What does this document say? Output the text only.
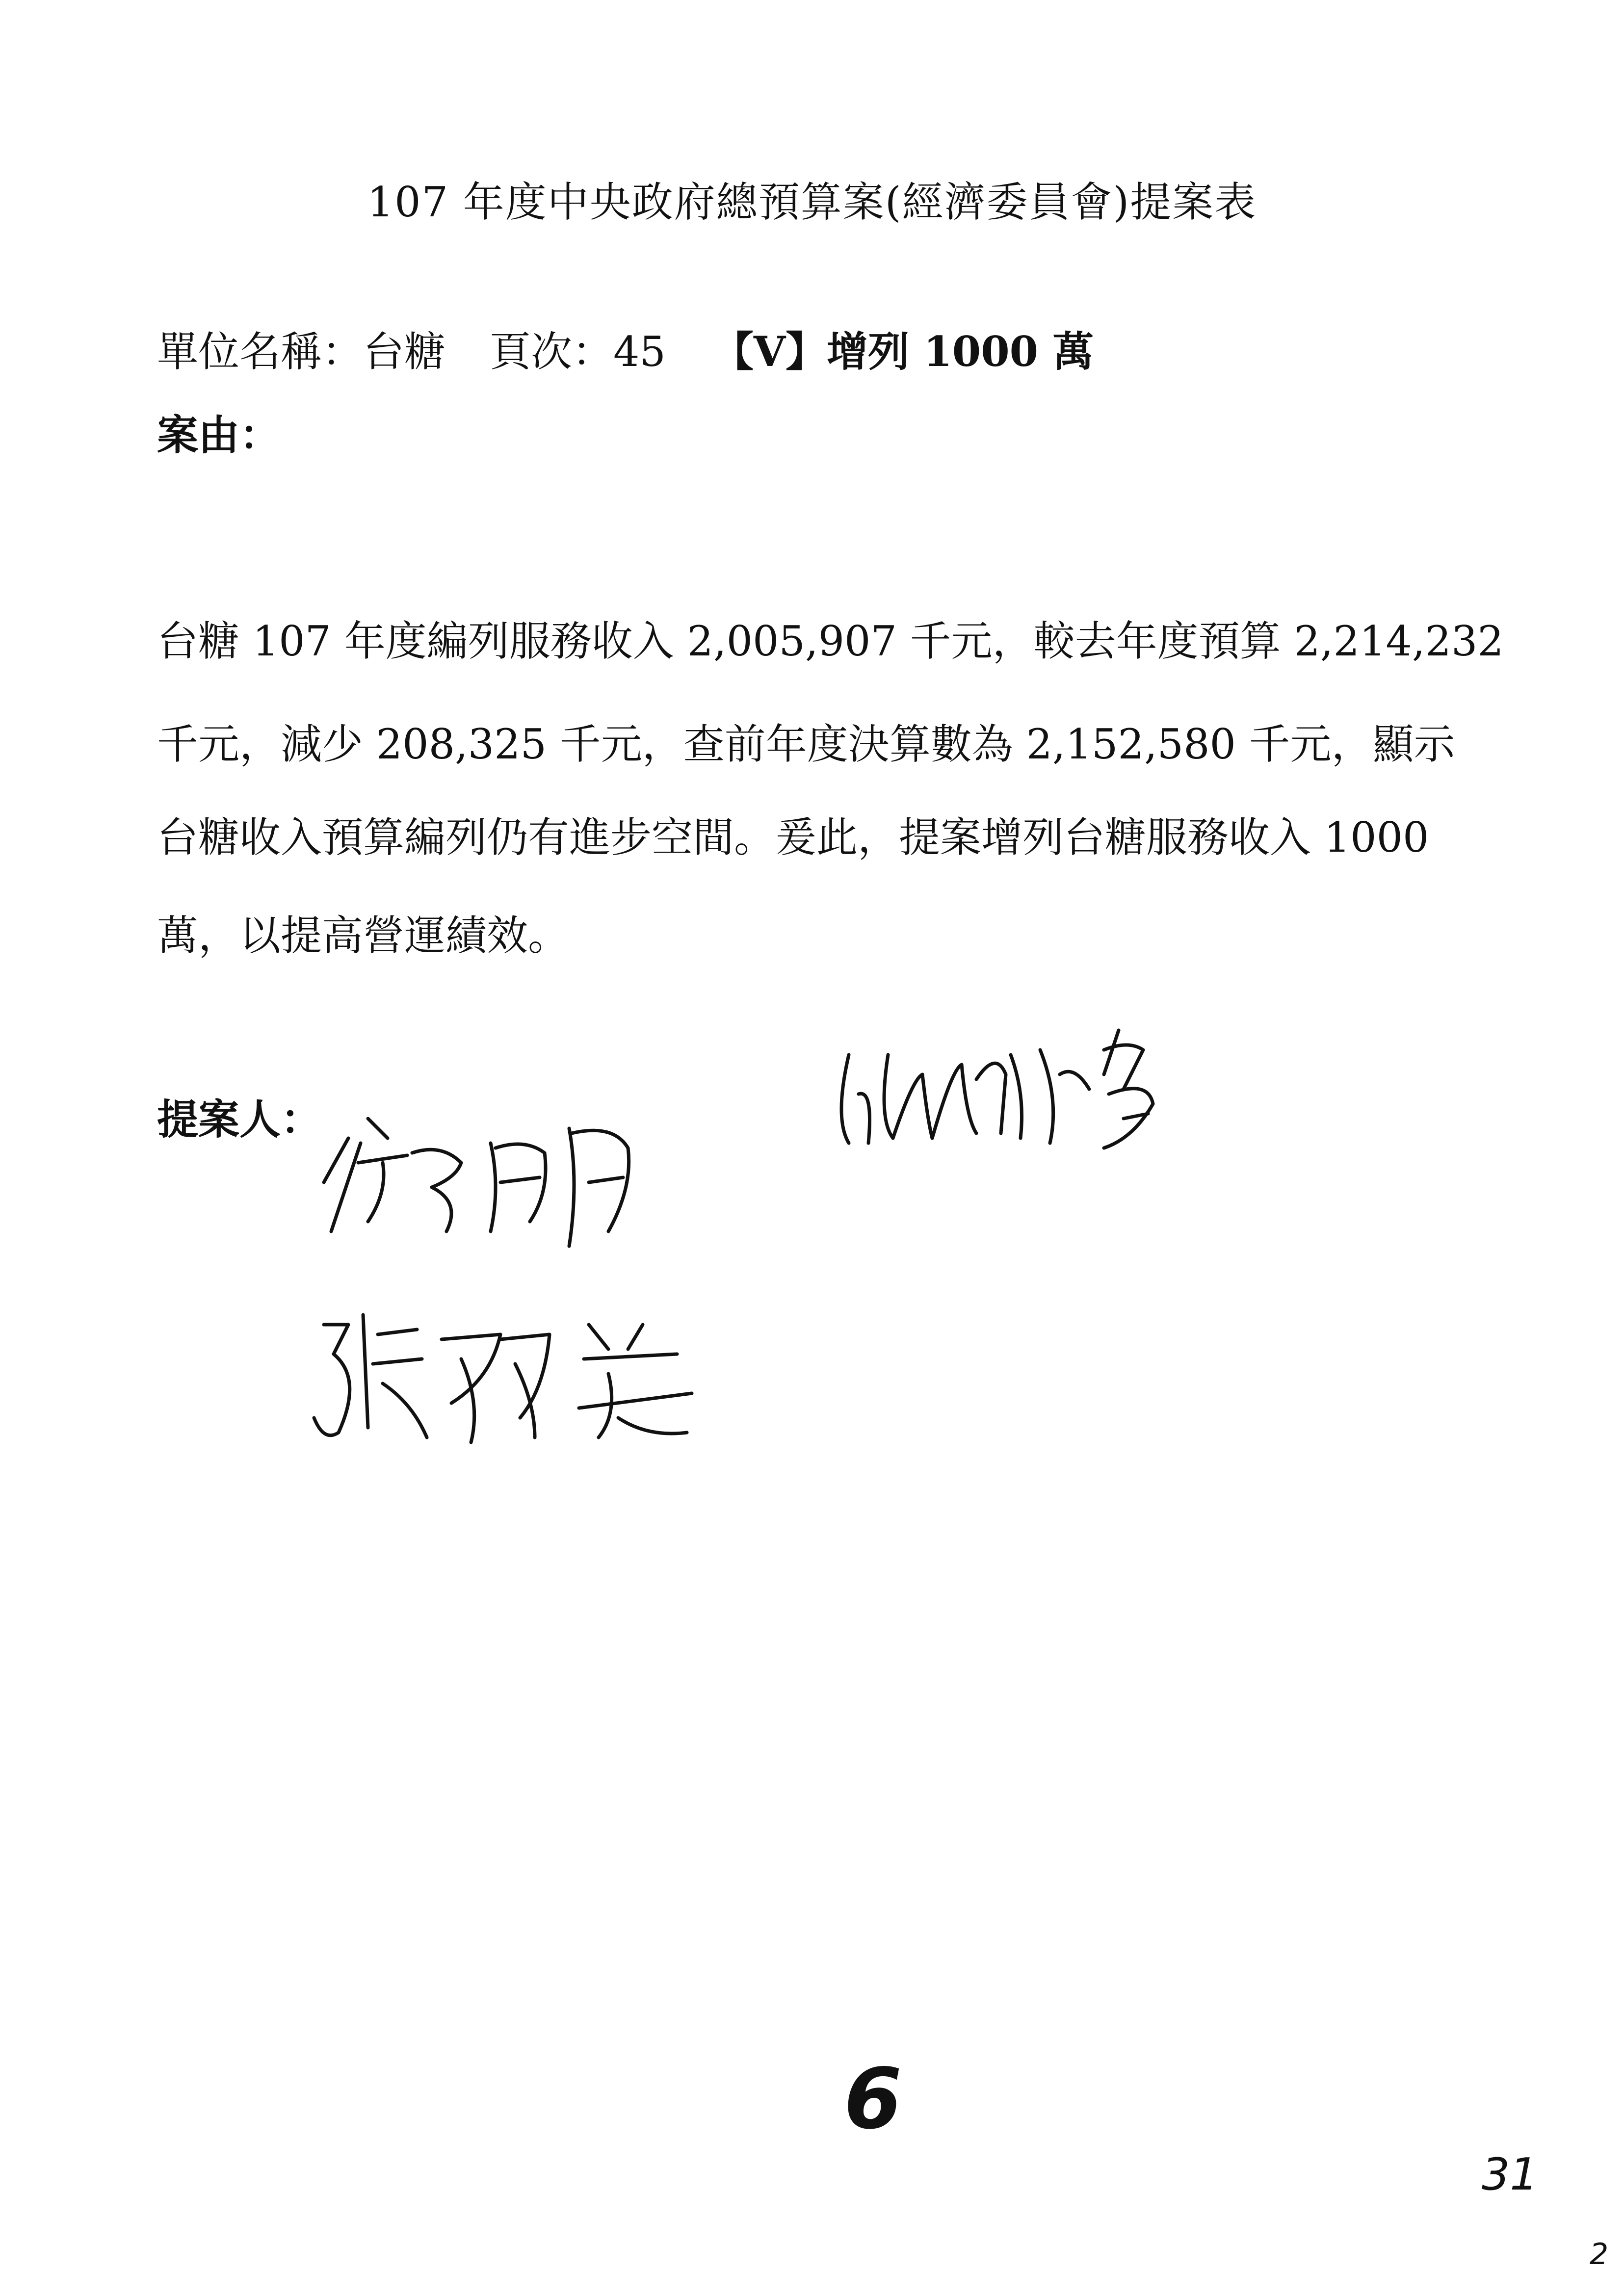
107 年度中央政府總預算案(經濟委員會)提案表
單位名稱：台糖 頁次：45 【V】增列 1000 萬
案由：
台糖 107 年度編列服務收入 2,005,907 千元，較去年度預算 2,214,232
千元，減少 208,325 千元，查前年度決算數為 2,152,580 千元，顯示
台糖收入預算編列仍有進步空間。爰此，提案增列台糖服務收入 1000
萬，以提高營運績效。
提案人：
6
31
2
